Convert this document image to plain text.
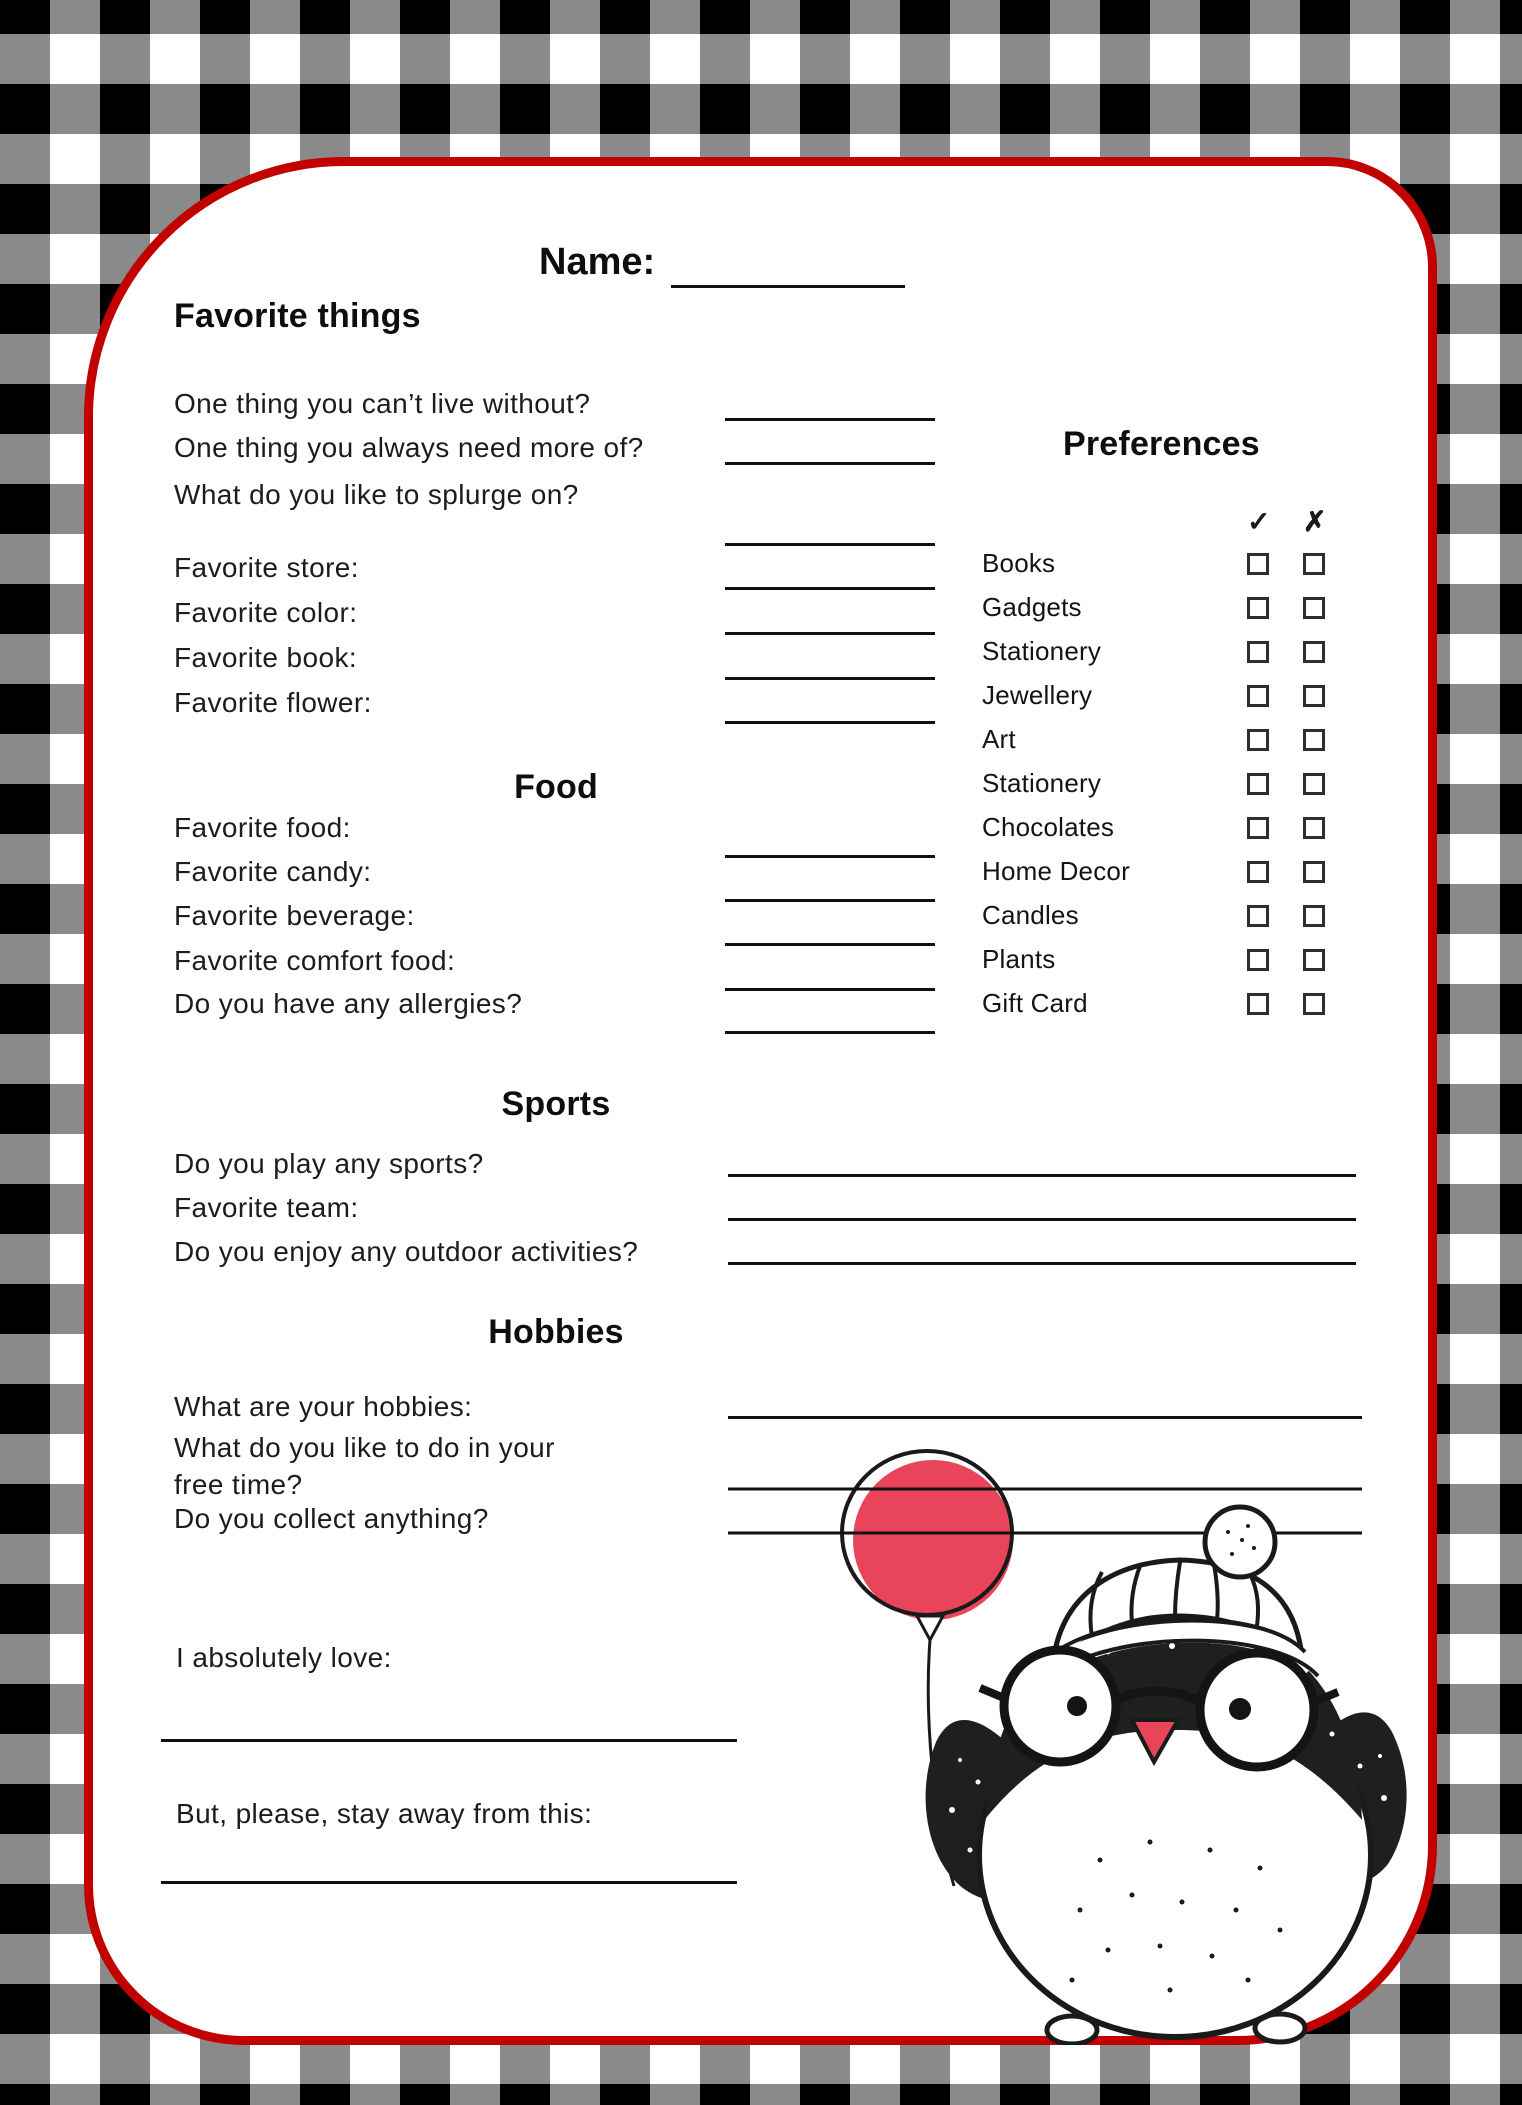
Name:
Favorite things
One thing you can’t live without?
One thing you always need more of?
What do you like to splurge on?
Favorite store:
Favorite color:
Favorite book:
Favorite flower:
Preferences
✓ ✗
Books
Gadgets
Stationery
Jewellery
Art
Stationery
Chocolates
Home Decor
Candles
Plants
Gift Card
Food
Favorite food:
Favorite candy:
Favorite beverage:
Favorite comfort food:
Do you have any allergies?
Sports
Do you play any sports?
Favorite team:
Do you enjoy any outdoor activities?
Hobbies
What are your hobbies:
What do you like to do in your free time?
Do you collect anything?
I absolutely love:
But, please, stay away from this:
